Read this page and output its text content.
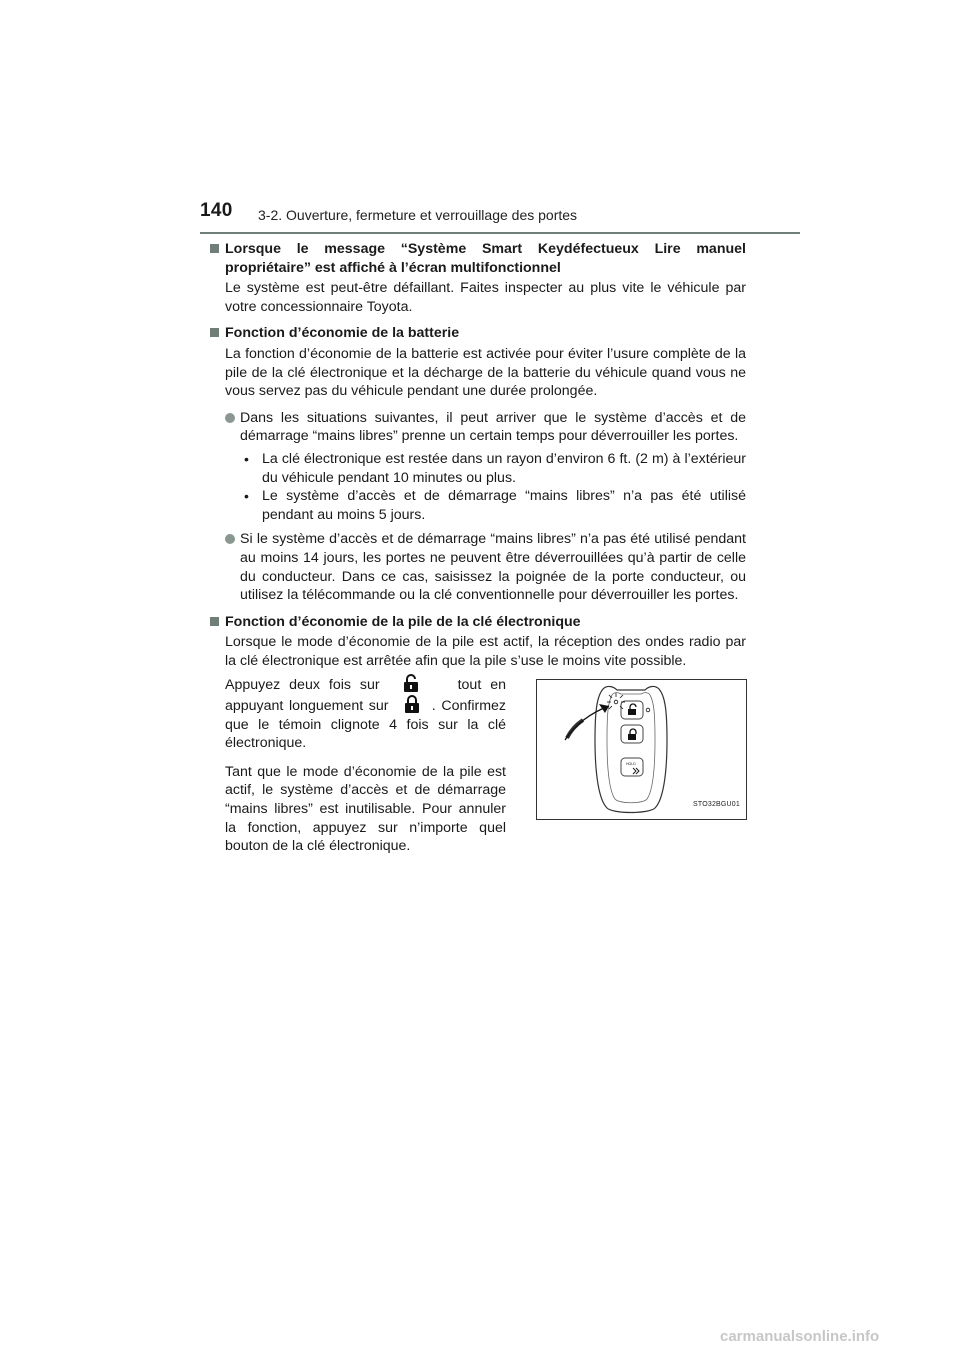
140 3-2. Ouverture, fermeture et verrouillage des portes
Lorsque le message “Système Smart Keydéfectueux Lire manuel propriétaire” est affiché à l’écran multifonctionnel

Le système est peut-être défaillant. Faites inspecter au plus vite le véhicule par votre concessionnaire Toyota.

Fonction d’économie de la batterie

La fonction d’économie de la batterie est activée pour éviter l’usure complète de la pile de la clé électronique et la décharge de la batterie du véhicule quand vous ne vous servez pas du véhicule pendant une durée prolongée.

Dans les situations suivantes, il peut arriver que le système d’accès et de démarrage “mains libres” prenne un certain temps pour déverrouiller les portes.
• La clé électronique est restée dans un rayon d’environ 6 ft. (2 m) à l’extérieur du véhicule pendant 10 minutes ou plus.
• Le système d’accès et de démarrage “mains libres” n’a pas été utilisé pendant au moins 5 jours.
Si le système d’accès et de démarrage “mains libres” n’a pas été utilisé pendant au moins 14 jours, les portes ne peuvent être déverrouillées qu’à partir de celle du conducteur. Dans ce cas, saisissez la poignée de la porte conducteur, ou utilisez la télécommande ou la clé conventionnelle pour déverrouiller les portes.
Fonction d’économie de la pile de la clé électronique

Lorsque le mode d’économie de la pile est actif, la réception des ondes radio par la clé électronique est arrêtée afin que la pile s’use le moins vite possible.

Appuyez deux fois sur	tout en appuyant longuement sur	. Confirmez que le témoin clignote 4 fois sur la clé électronique.

Tant que le mode d’économie de la pile est actif, le système d’accès et de démarrage “mains libres” est inutilisable. Pour annuler la fonction, appuyez sur n’importe quel bouton de la clé électronique.

HOLD
STO32BGU01
carmanualsonline.info
